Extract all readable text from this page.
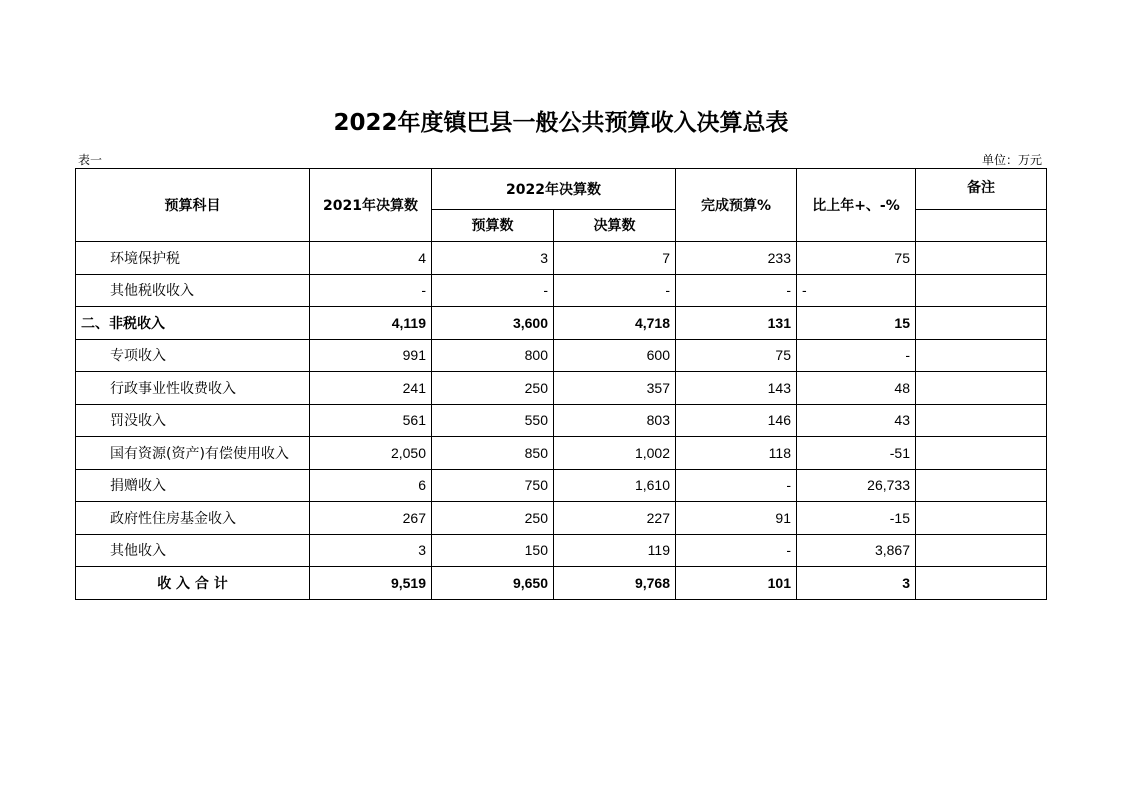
2022年度镇巴县一般公共预算收入决算总表
表一	单位：万元
预算科目	2021年决算数	2022年决算数		完成预算%	比上年+、-%	备注
		预算数	决算数			
环境保护税	4	3	7	233	75	
其他税收收入	-	-	-	-	-	
二、非税收入	4,119	3,600	4,718	131	15	
专项收入	991	800	600	75	-	
行政事业性收费收入	241	250	357	143	48	
罚没收入	561	550	803	146	43	
国有资源(资产)有偿使用收入	2,050	850	1,002	118	-51	
捐赠收入	6	750	1,610	-	26,733	
政府性住房基金收入	267	250	227	91	-15	
其他收入	3	150	119	-	3,867	
收 入 合 计	9,519	9,650	9,768	101	3	
